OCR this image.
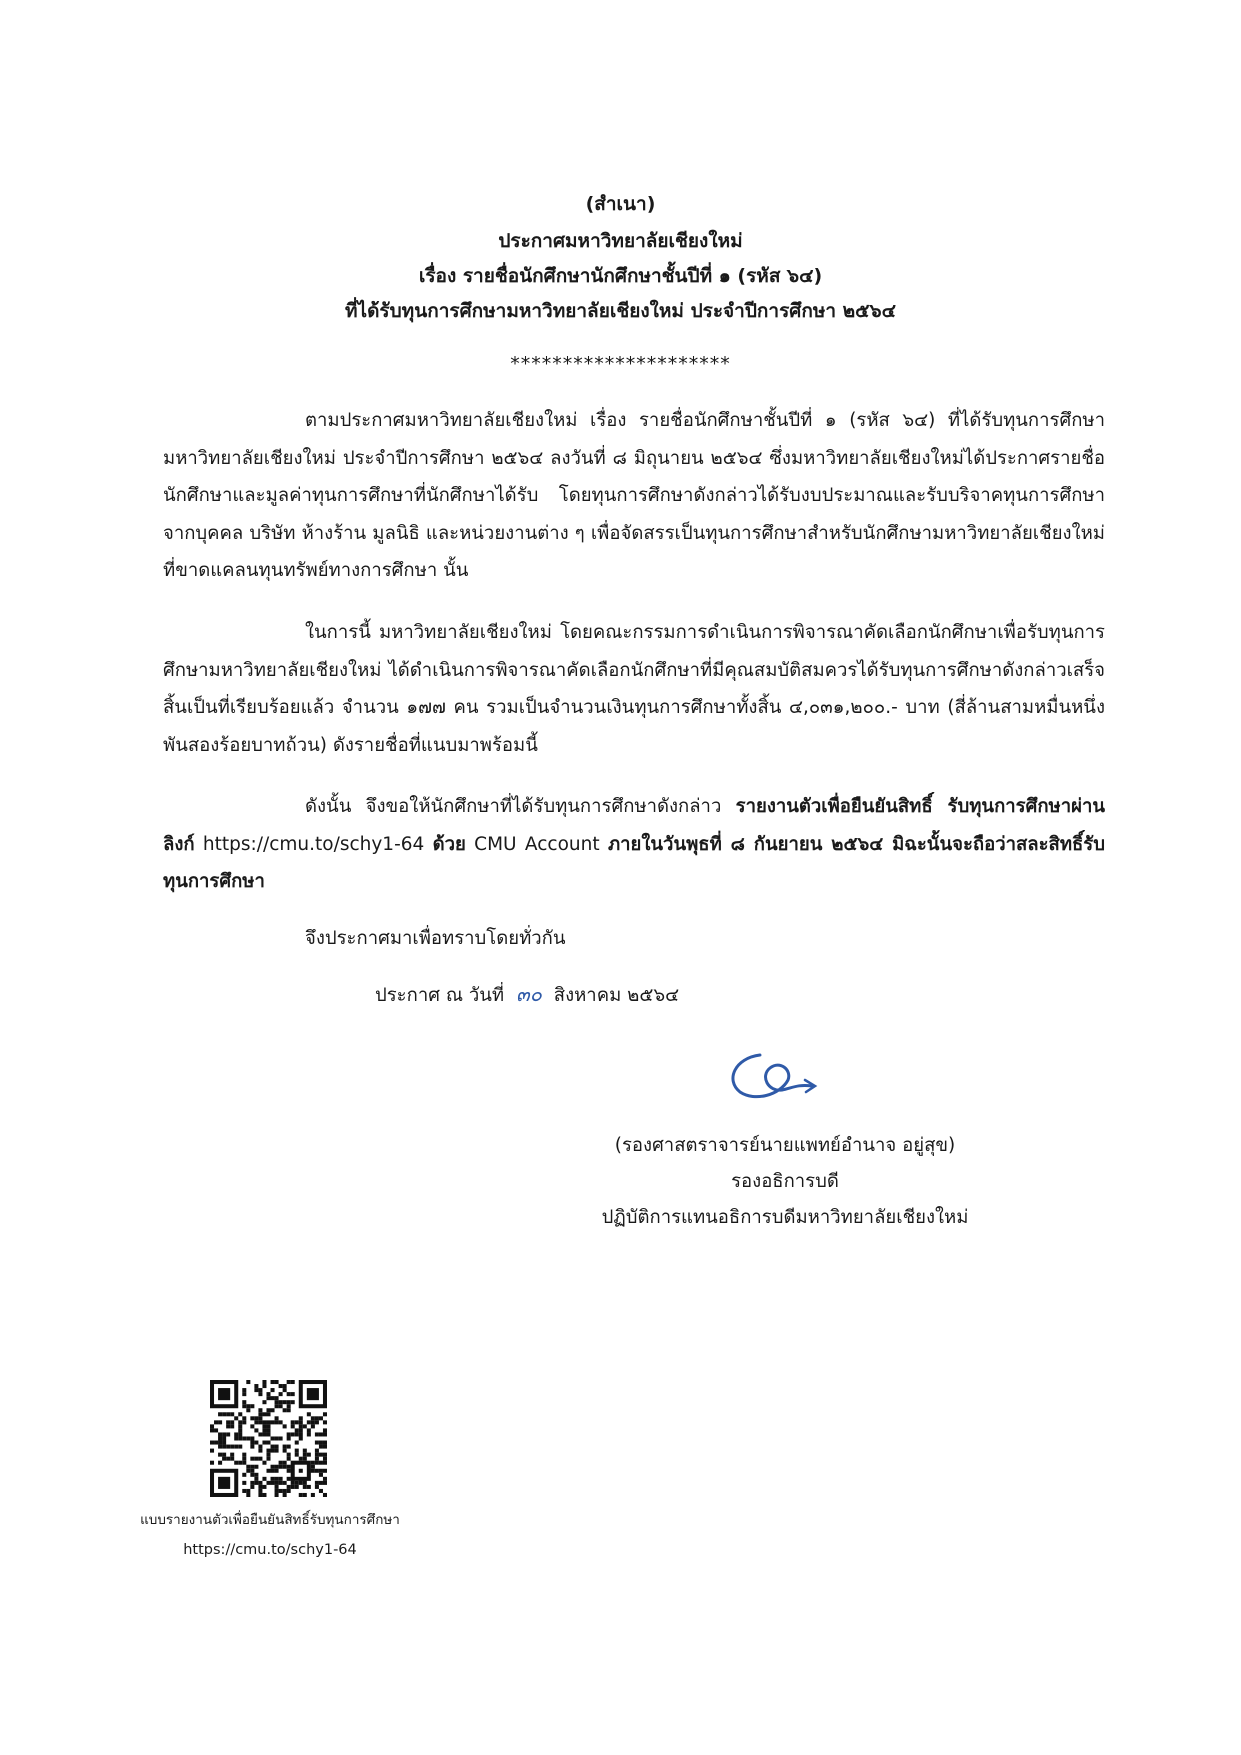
(สำเนา)
ประกาศมหาวิทยาลัยเชียงใหม่
เรื่อง รายชื่อนักศึกษานักศึกษาชั้นปีที่ ๑ (รหัส ๖๔)
ที่ได้รับทุนการศึกษามหาวิทยาลัยเชียงใหม่ ประจำปีการศึกษา ๒๕๖๔
*********************

ตามประกาศมหาวิทยาลัยเชียงใหม่ เรื่อง รายชื่อนักศึกษาชั้นปีที่ ๑ (รหัส ๖๔) ที่ได้รับทุนการศึกษามหาวิทยาลัยเชียงใหม่ ประจำปีการศึกษา ๒๕๖๔ ลงวันที่ ๘ มิถุนายน ๒๕๖๔ ซึ่งมหาวิทยาลัยเชียงใหม่ได้ประกาศรายชื่อนักศึกษาและมูลค่าทุนการศึกษาที่นักศึกษาได้รับ โดยทุนการศึกษาดังกล่าวได้รับงบประมาณและรับบริจาคทุนการศึกษาจากบุคคล บริษัท ห้างร้าน มูลนิธิ และหน่วยงานต่าง ๆ เพื่อจัดสรรเป็นทุนการศึกษาสำหรับนักศึกษามหาวิทยาลัยเชียงใหม่ที่ขาดแคลนทุนทรัพย์ทางการศึกษา นั้น

ในการนี้ มหาวิทยาลัยเชียงใหม่ โดยคณะกรรมการดำเนินการพิจารณาคัดเลือกนักศึกษาเพื่อรับทุนการศึกษามหาวิทยาลัยเชียงใหม่ ได้ดำเนินการพิจารณาคัดเลือกนักศึกษาที่มีคุณสมบัติสมควรได้รับทุนการศึกษาดังกล่าวเสร็จสิ้นเป็นที่เรียบร้อยแล้ว จำนวน ๑๗๗ คน รวมเป็นจำนวนเงินทุนการศึกษาทั้งสิ้น ๔,๐๓๑,๒๐๐.- บาท (สี่ล้านสามหมื่นหนึ่งพันสองร้อยบาทถ้วน) ดังรายชื่อที่แนบมาพร้อมนี้

ดังนั้น จึงขอให้นักศึกษาที่ได้รับทุนการศึกษาดังกล่าว รายงานตัวเพื่อยืนยันสิทธิ์ รับทุนการศึกษาผ่านลิงก์ https://cmu.to/schy1-64 ด้วย CMU Account ภายในวันพุธที่ ๘ กันยายน ๒๕๖๔ มิฉะนั้นจะถือว่าสละสิทธิ์รับทุนการศึกษา

จึงประกาศมาเพื่อทราบโดยทั่วกัน
ประกาศ ณ วันที่ ๓๐ สิงหาคม ๒๕๖๔
(รองศาสตราจารย์นายแพทย์อำนาจ อยู่สุข)
รองอธิการบดี
ปฏิบัติการแทนอธิการบดีมหาวิทยาลัยเชียงใหม่
แบบรายงานตัวเพื่อยืนยันสิทธิ์รับทุนการศึกษา
https://cmu.to/schy1-64
